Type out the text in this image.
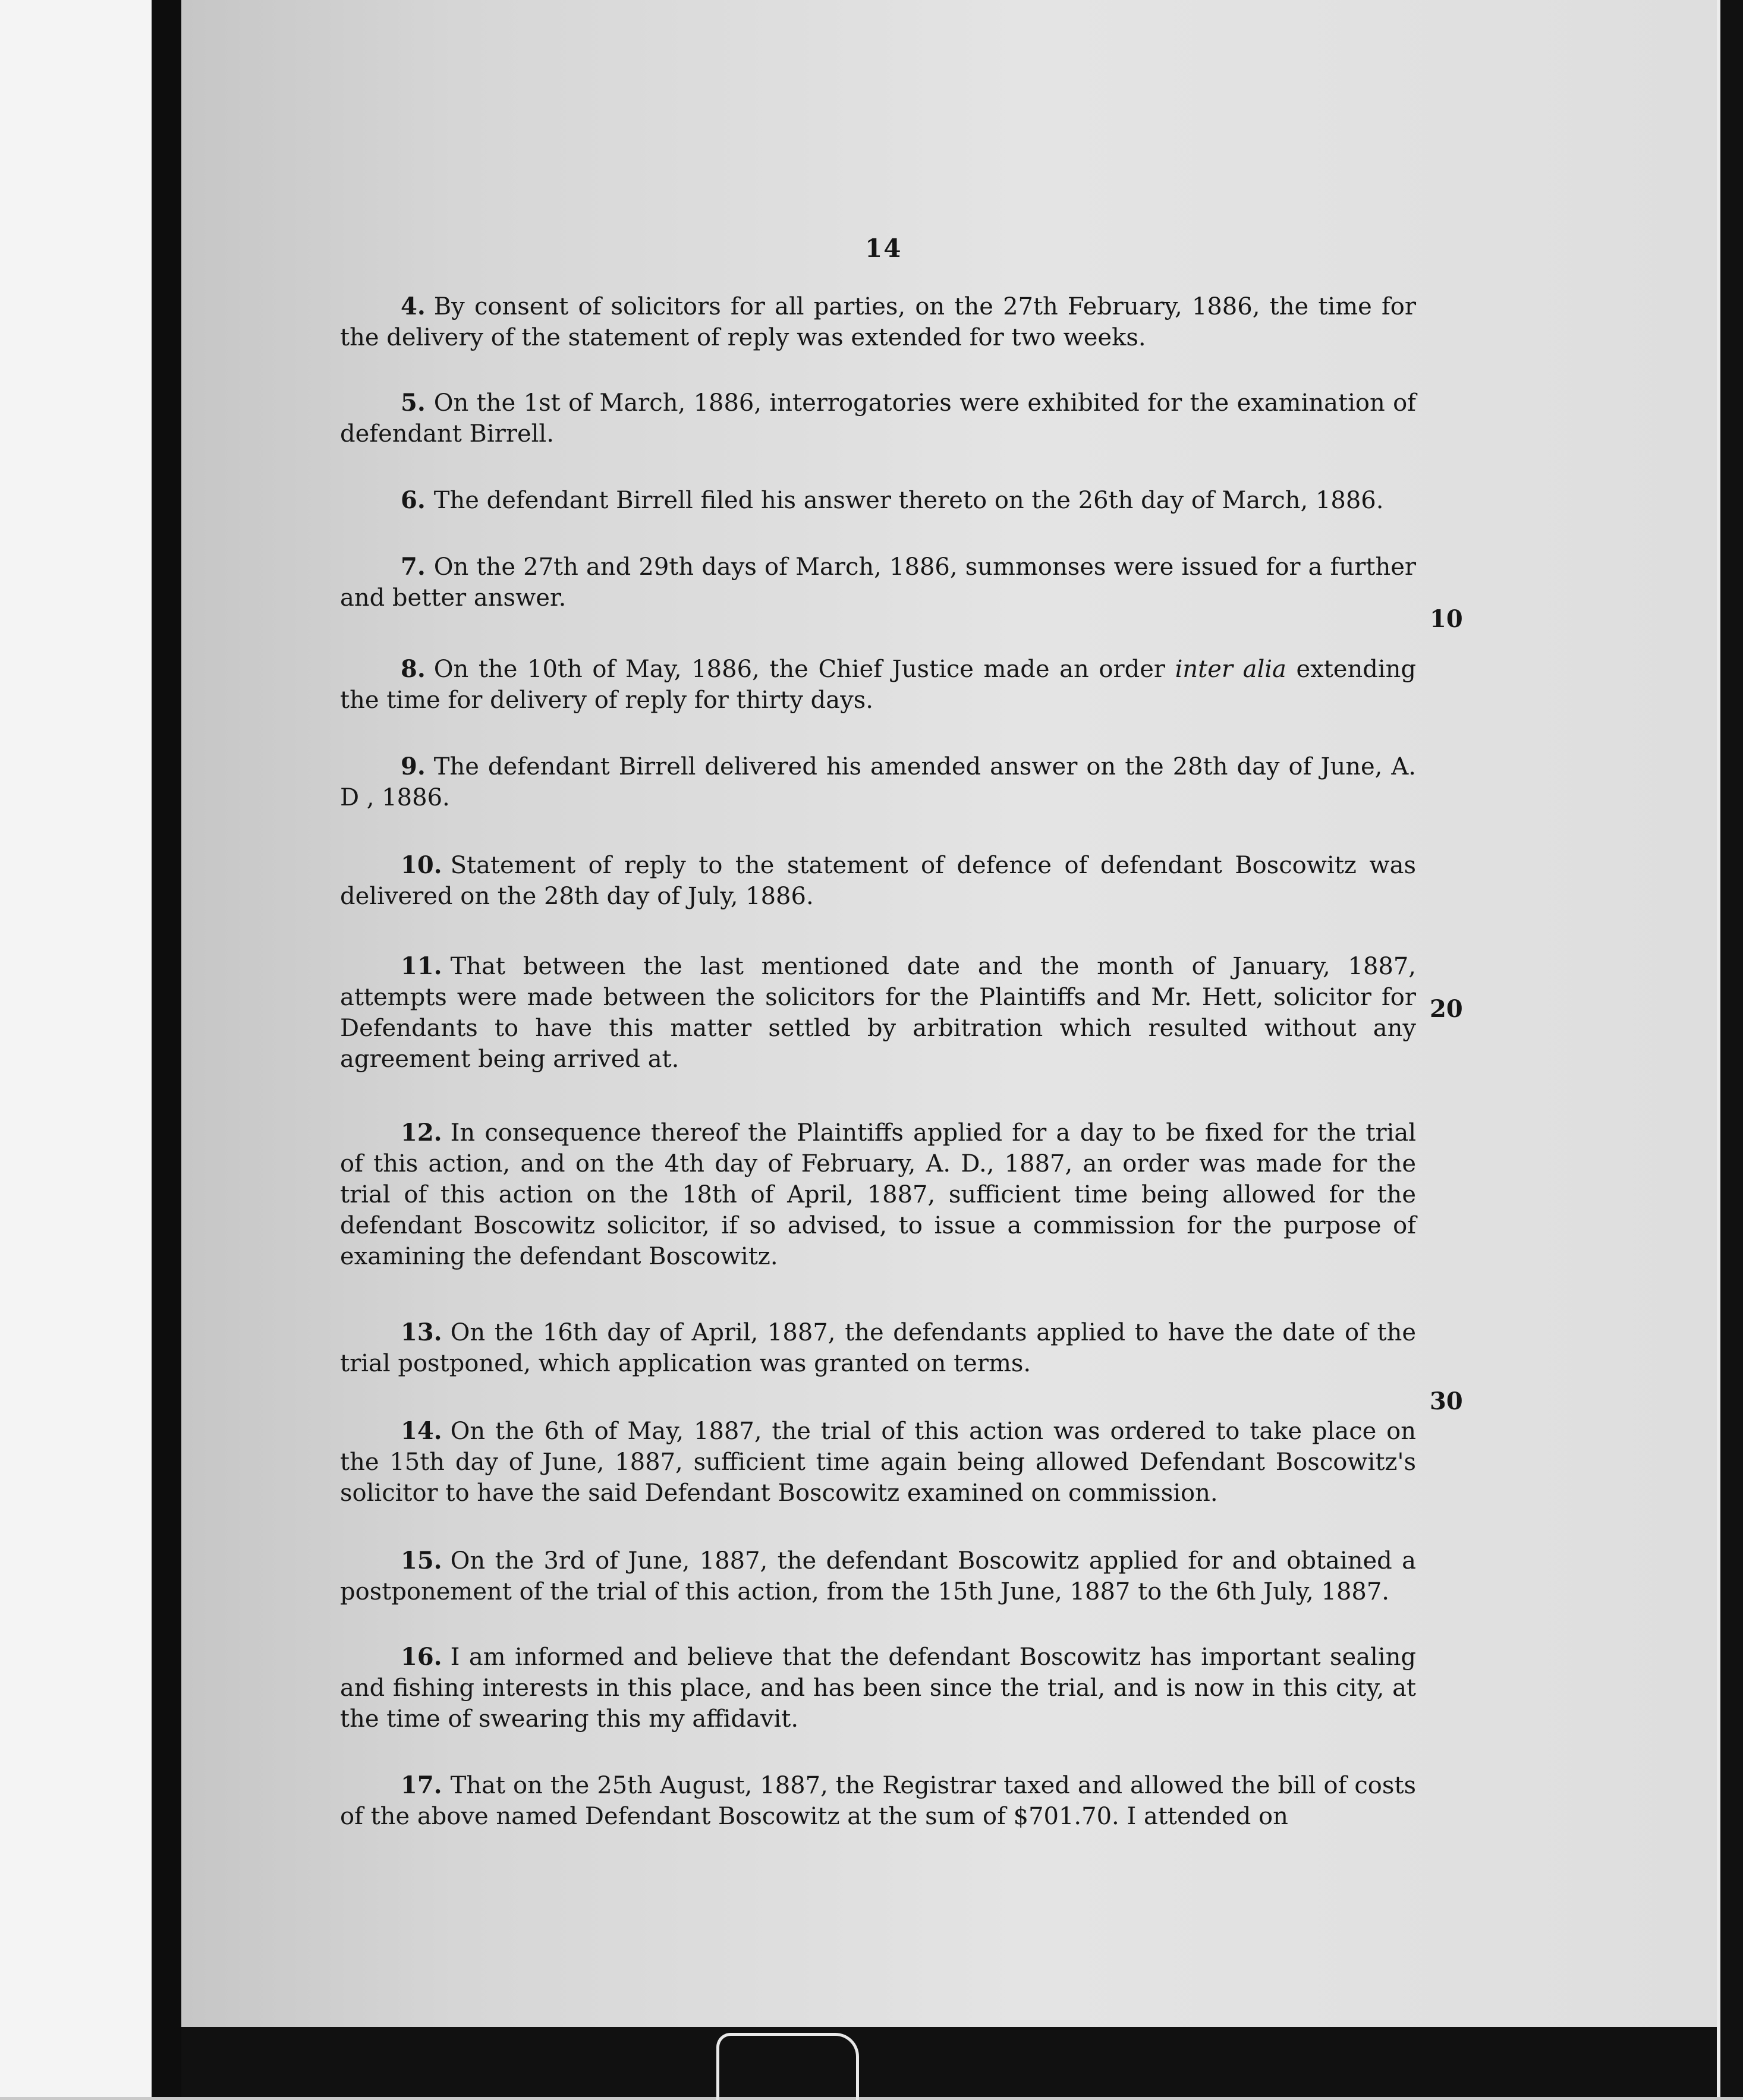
14
4. By consent of solicitors for all parties, on the 27th February, 1886, the time for the delivery of the statement of reply was extended for two weeks.
5. On the 1st of March, 1886, interrogatories were exhibited for the examination of defendant Birrell.
6. The defendant Birrell filed his answer thereto on the 26th day of March, 1886.
7. On the 27th and 29th days of March, 1886, summonses were issued for a further and better answer.
8. On the 10th of May, 1886, the Chief Justice made an order inter alia extending the time for delivery of reply for thirty days.
9. The defendant Birrell delivered his amended answer on the 28th day of June, A. D , 1886.
10. Statement of reply to the statement of defence of defendant Boscowitz was delivered on the 28th day of July, 1886.
11. That between the last mentioned date and the month of January, 1887, attempts were made between the solicitors for the Plaintiffs and Mr. Hett, solicitor for Defendants to have this matter settled by arbitration which resulted without any agreement being arrived at.
12. In consequence thereof the Plaintiffs applied for a day to be fixed for the trial of this action, and on the 4th day of February, A. D., 1887, an order was made for the trial of this action on the 18th of April, 1887, sufficient time being allowed for the defendant Boscowitz solicitor, if so advised, to issue a commission for the purpose of examining the defendant Boscowitz.
13. On the 16th day of April, 1887, the defendants applied to have the date of the trial postponed, which application was granted on terms.
14. On the 6th of May, 1887, the trial of this action was ordered to take place on the 15th day of June, 1887, sufficient time again being allowed Defendant Boscowitz's solicitor to have the said Defendant Boscowitz examined on commission.
15. On the 3rd of June, 1887, the defendant Boscowitz applied for and obtained a postponement of the trial of this action, from the 15th June, 1887 to the 6th July, 1887.
16. I am informed and believe that the defendant Boscowitz has important sealing and fishing interests in this place, and has been since the trial, and is now in this city, at the time of swearing this my affidavit.
17. That on the 25th August, 1887, the Registrar taxed and allowed the bill of costs of the above named Defendant Boscowitz at the sum of $701.70. I attended on
10
20
30
